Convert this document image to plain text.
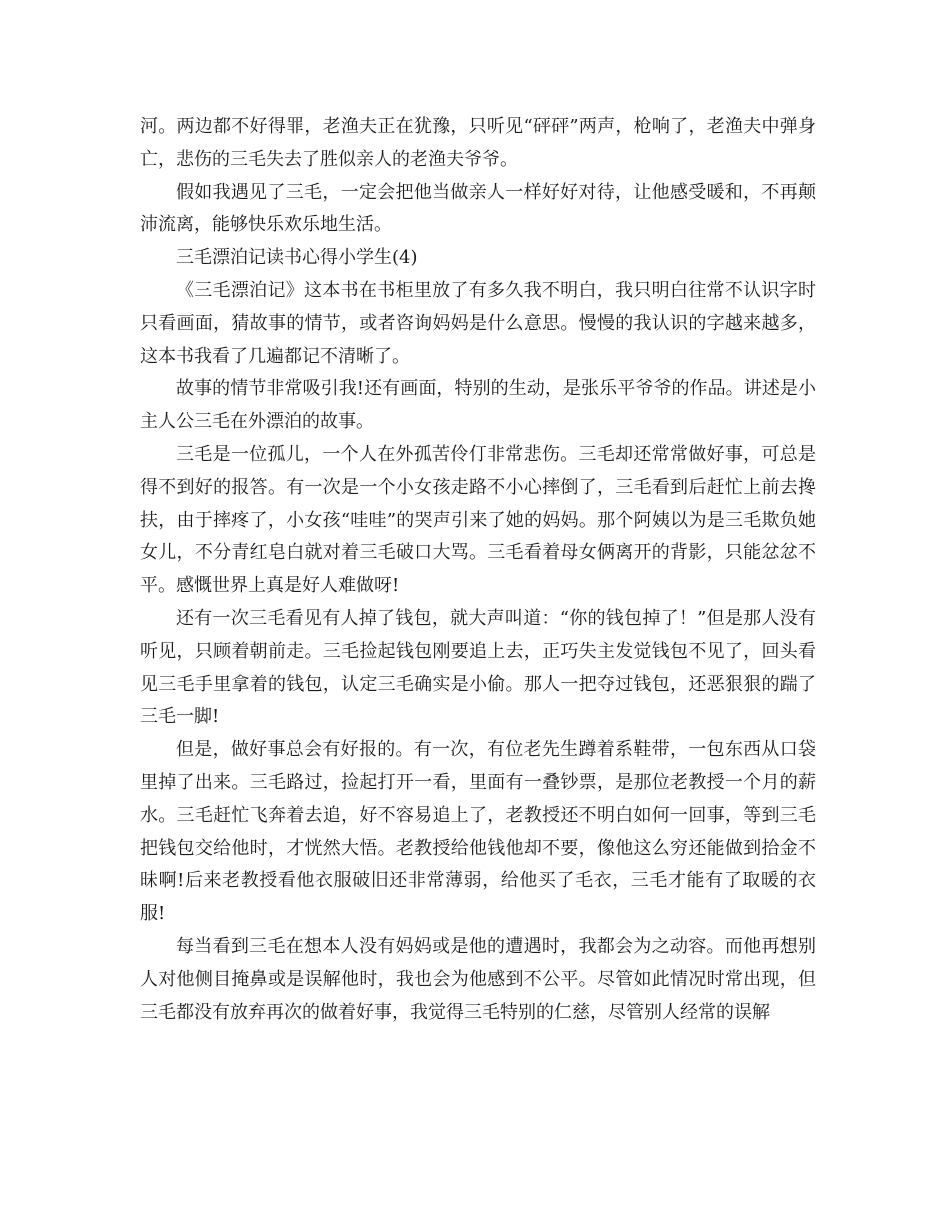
河。两边都不好得罪，老渔夫正在犹豫，只听见“砰砰”两声，枪响了，老渔夫中弹身亡，悲伤的三毛失去了胜似亲人的老渔夫爷爷。

假如我遇见了三毛，一定会把他当做亲人一样好好对待，让他感受暖和，不再颠沛流离，能够快乐欢乐地生活。

三毛漂泊记读书心得小学生(4)

《三毛漂泊记》这本书在书柜里放了有多久我不明白，我只明白往常不认识字时只看画面，猜故事的情节，或者咨询妈妈是什么意思。慢慢的我认识的字越来越多，这本书我看了几遍都记不清晰了。

故事的情节非常吸引我!还有画面，特别的生动，是张乐平爷爷的作品。讲述是小主人公三毛在外漂泊的故事。

三毛是一位孤儿，一个人在外孤苦伶仃非常悲伤。三毛却还常常做好事，可总是得不到好的报答。有一次是一个小女孩走路不小心摔倒了，三毛看到后赶忙上前去搀扶，由于摔疼了，小女孩“哇哇”的哭声引来了她的妈妈。那个阿姨以为是三毛欺负她女儿，不分青红皂白就对着三毛破口大骂。三毛看着母女俩离开的背影，只能忿忿不平。感慨世界上真是好人难做呀!

还有一次三毛看见有人掉了钱包，就大声叫道：“你的钱包掉了！”但是那人没有听见，只顾着朝前走。三毛捡起钱包刚要追上去，正巧失主发觉钱包不见了，回头看见三毛手里拿着的钱包，认定三毛确实是小偷。那人一把夺过钱包，还恶狠狠的踹了三毛一脚!

但是，做好事总会有好报的。有一次，有位老先生蹲着系鞋带，一包东西从口袋里掉了出来。三毛路过，捡起打开一看，里面有一叠钞票，是那位老教授一个月的薪水。三毛赶忙飞奔着去追，好不容易追上了，老教授还不明白如何一回事，等到三毛把钱包交给他时，才恍然大悟。老教授给他钱他却不要，像他这么穷还能做到拾金不昧啊!后来老教授看他衣服破旧还非常薄弱，给他买了毛衣，三毛才能有了取暖的衣服!

每当看到三毛在想本人没有妈妈或是他的遭遇时，我都会为之动容。而他再想别人对他侧目掩鼻或是误解他时，我也会为他感到不公平。尽管如此情况时常出现，但三毛都没有放弃再次的做着好事，我觉得三毛特别的仁慈，尽管别人经常的误解
